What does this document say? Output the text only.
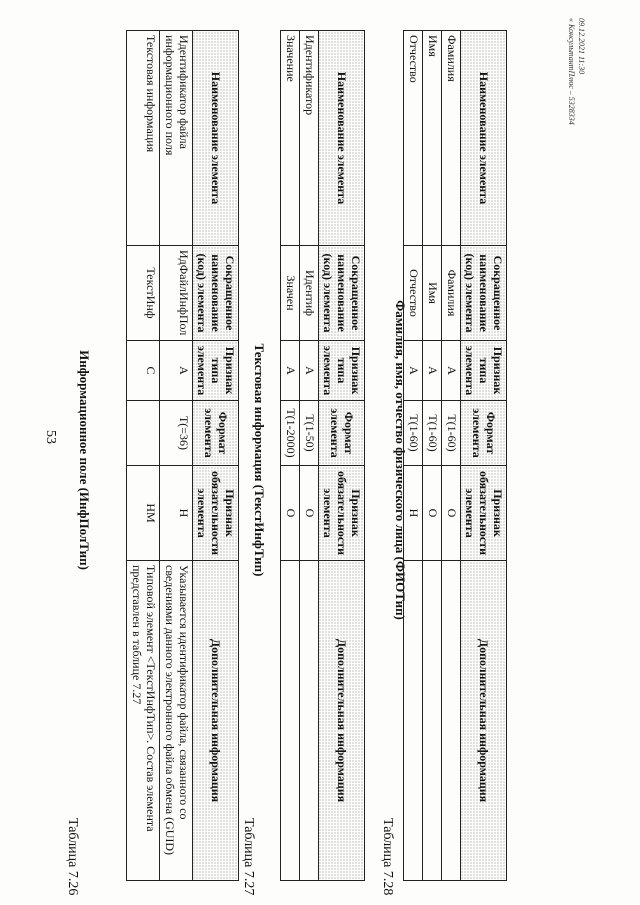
53
Таблица 7.26
Информационное поле (ИнфПолТип)
Наименование элемента	Сокращенное наименование (код) элемента	Признак типа элемента	Формат элемента	Признак обязательности элемента	Дополнительная информация
Идентификатор файла информационного поля	ИдФайлИнфПол	А	Т(=36)	Н	Указывается идентификатор файла, связанного со сведениями данного электронного файла обмена (GUID)
Текстовая информация	ТекстИнф	С		НМ	Типовой элемент <ТекстИнфТип>. Состав элемента представлен в таблице 7.27
Таблица 7.27
Текстовая информация (ТекстИнфТип)
Наименование элемента	Сокращенное наименование (код) элемента	Признак типа элемента	Формат элемента	Признак обязательности элемента	Дополнительная информация
Идентификатор	Идентиф	А	Т(1-50)	О	
Значение	Значен	А	Т(1-2000)	О	
Таблица 7.28
Фамилия, имя, отчество физического лица (ФИОТип)
Наименование элемента	Сокращенное наименование (код) элемента	Признак типа элемента	Формат элемента	Признак обязательности элемента	Дополнительная информация
Фамилия	Фамилия	А	Т(1-60)	О	
Имя	Имя	А	Т(1-60)	О	
Отчество	Отчество	А	Т(1-60)	Н	
09.12.2021 11:30
« КонсультантПлюс – 5328334
